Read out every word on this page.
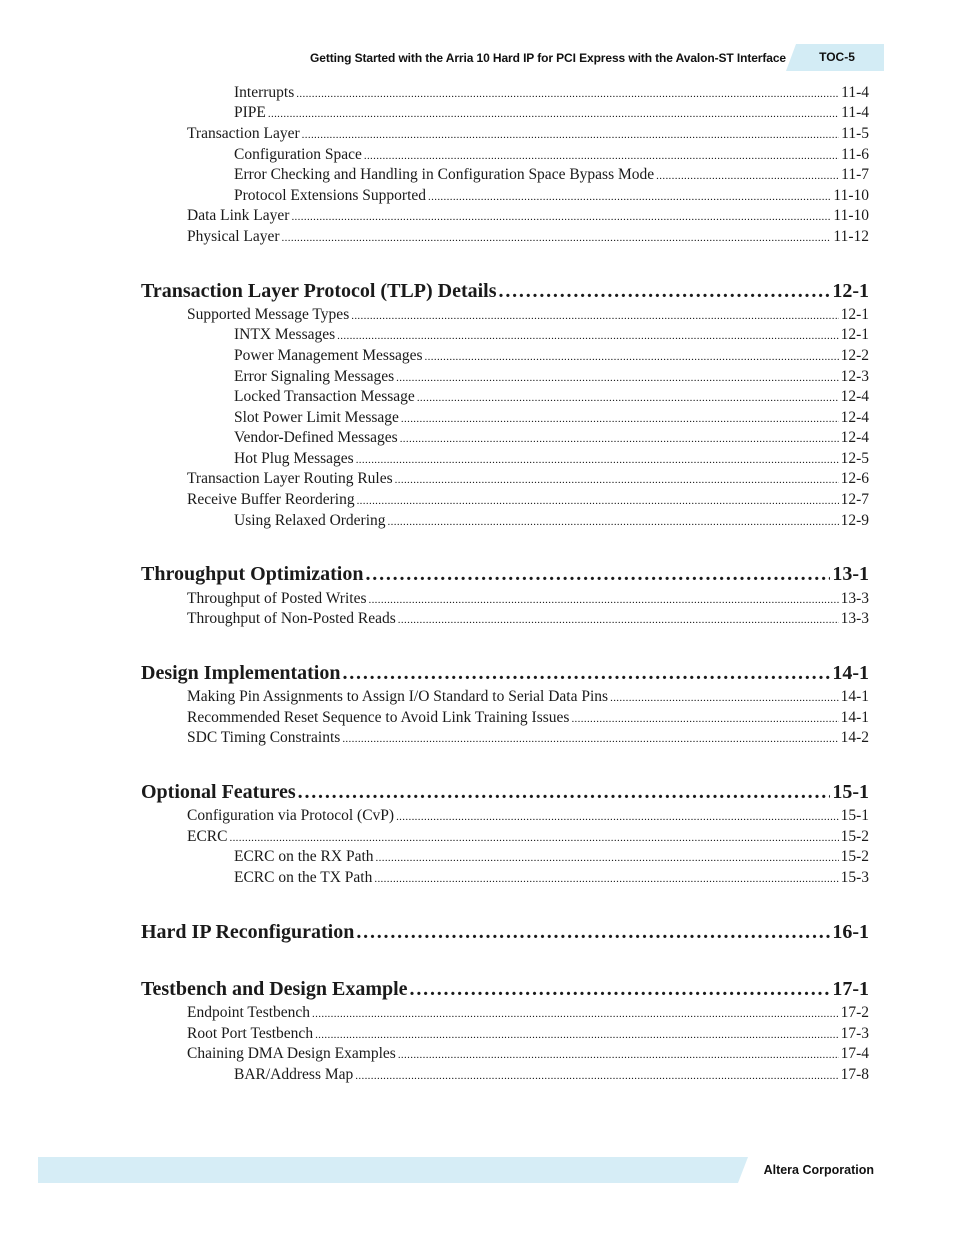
Getting Started with the Arria 10 Hard IP for PCI Express with the Avalon-ST Interface	TOC-5
Interrupts . . .	11-4
PIPE . . .	11-4
Transaction Layer . . .	11-5
Configuration Space . . .	11-6
Error Checking and Handling in Configuration Space Bypass Mode . . .	11-7
Protocol Extensions Supported . . .	11-10
Data Link Layer . . .	11-10
Physical Layer . . .	11-12
Transaction Layer Protocol (TLP) Details . . .	12-1
Supported Message Types . . .	12-1
INTX Messages . . .	12-1
Power Management Messages . . .	12-2
Error Signaling Messages . . .	12-3
Locked Transaction Message . . .	12-4
Slot Power Limit Message . . .	12-4
Vendor-Defined Messages . . .	12-4
Hot Plug Messages . . .	12-5
Transaction Layer Routing Rules . . .	12-6
Receive Buffer Reordering . . .	12-7
Using Relaxed Ordering . . .	12-9
Throughput Optimization . . .	13-1
Throughput of Posted Writes . . .	13-3
Throughput of Non-Posted Reads . . .	13-3
Design Implementation . . .	14-1
Making Pin Assignments to Assign I/O Standard to Serial Data Pins . . .	14-1
Recommended Reset Sequence to Avoid Link Training Issues . . .	14-1
SDC Timing Constraints . . .	14-2
Optional Features . . .	15-1
Configuration via Protocol (CvP) . . .	15-1
ECRC . . .	15-2
ECRC on the RX Path . . .	15-2
ECRC on the TX Path . . .	15-3
Hard IP Reconfiguration . . .	16-1
Testbench and Design Example . . .	17-1
Endpoint Testbench . . .	17-2
Root Port Testbench . . .	17-3
Chaining DMA Design Examples . . .	17-4
BAR/Address Map . . .	17-8
Altera Corporation
